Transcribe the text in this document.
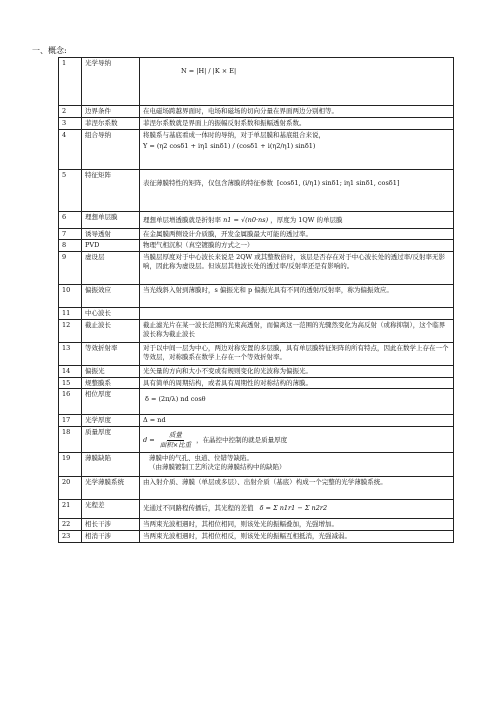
一、概念:
1	光学导纳	N = |H| / |K × E|

2	边界条件	在电磁场跨越界面时，电场和磁场的切向分量在界面两边分别相等。
3	菲涅尔系数	菲涅尔系数就是界面上的振幅反射系数和振幅透射系数。
4	组合导纳	将膜系与基底看成一体时的导纳，对于单层膜和基底组合来说，
Y = (η2 cosδ1 + iη1 sinδ1) / (cosδ1 + i(η2/η1) sinδ1)

5	特征矩阵	表征薄膜特性的矩阵，仅包含薄膜的特征参数 [cosδ1, (i/η1) sinδ1; iη1 sinδ1, cosδ1]

6	理想单层膜	理想单层增透膜就是折射率 n1 = √(n0·ns) ，厚度为 1QW 的单层膜

7	诱导透射	在金属膜两侧设计介质膜，开发金属膜最大可能的透过率。
8	PVD	物理气相沉积（真空镀膜的方式之一）
9	虚设层	当膜层厚度对于中心波长来说是 2QW 或其整数倍时，该层是否存在对于中心波长处的透过率/反射率无影响，因此称为虚设层。但该层其他波长处的透过率/反射率还是有影响的。
10	偏振效应	当光线斜入射到薄膜时，s 偏振光和 p 偏振光具有不同的透射/反射率，称为偏振效应。
11	中心波长	
12	截止波长	截止滤光片在某一波长范围的光束高透射，而偏离这一范围的光骤然变化为高反射（或称抑制），这个临界波长称为截止波长
13	等效折射率	对于以中间一层为中心，两边对称安置的多层膜，具有单层膜特征矩阵的所有特点，因此在数学上存在一个等效层，对称膜系在数学上存在一个等效折射率。
14	偏振光	光矢量的方向和大小不变或有规则变化的光波称为偏振光。
15	规整膜系	具有简单的周期结构，或者具有周期性的对称结构的薄膜。
16	相位厚度	δ = (2π/λ) nd cosθ

17	光学厚度	Δ = nd
18	质量厚度	$d = \frac{\text{质量}}{\text{面积×比重}}$ ，在晶控中控制的就是质量厚度

19	薄膜缺陷	薄膜中的气孔、虫道、位错等缺陷。
（由薄膜镀制工艺所决定的薄膜结构中的缺陷）

20	光学薄膜系统	由入射介质、薄膜（单层或多层）、出射介质（基底）构成一个完整的光学薄膜系统。
21	光程差	光通过不同路程传播后，其光程的差值 δ = Σ n1r1 − Σ n2r2

22	相长干涉	当两束光波相遇时，其相位相同，则该处光的振幅叠加，光强增加。
23	相消干涉	当两束光波相遇时，其相位相反，则该处光的振幅互相抵消，光强减弱。
